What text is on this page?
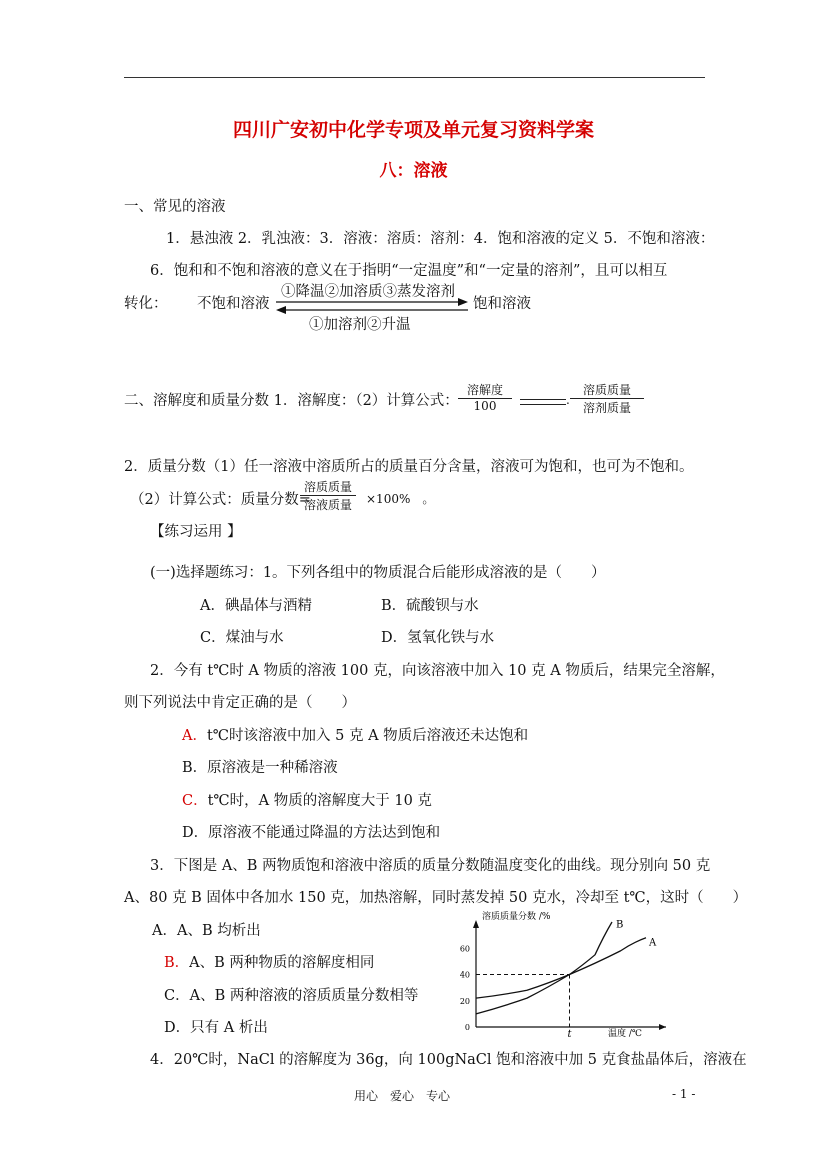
四川广安初中化学专项及单元复习资料学案
八：溶液
一、常见的溶液
1．悬浊液 2．乳浊液：3．溶液：溶质：溶剂：4．饱和溶液的定义 5．不饱和溶液：
6．饱和和不饱和溶液的意义在于指明“一定温度”和“一定量的溶剂”，且可以相互
转化： 不饱和溶液	饱和溶液
①降温②加溶质③蒸发溶剂
①加溶剂②升温
二、溶解度和质量分数 1．溶解度：（2）计算公式：
溶解度
100	.
溶质质量
溶剂质量
2．质量分数（1）任一溶液中溶质所占的质量百分含量，溶液可为饱和，也可为不饱和。
（2）计算公式：质量分数=
溶质质量
溶液质量	×100%　。
【练习运用 】
(一)选择题练习：1。下列各组中的物质混合后能形成溶液的是（　　）
A．碘晶体与酒精	B．硫酸钡与水
C．煤油与水	D．氢氧化铁与水
2．今有 t℃时 A 物质的溶液 100 克，向该溶液中加入 10 克 A 物质后，结果完全溶解，
则下列说法中肯定正确的是（　　）
A．t℃时该溶液中加入 5 克 A 物质后溶液还未达饱和
B．原溶液是一种稀溶液
C．t℃时，A 物质的溶解度大于 10 克
D．原溶液不能通过降温的方法达到饱和
3．下图是 A、B 两物质饱和溶液中溶质的质量分数随温度变化的曲线。现分别向 50 克
A、80 克 B 固体中各加水 150 克，加热溶解，同时蒸发掉 50 克水，冷却至 t℃，这时（　　）
A．A、B 均析出
B．A、B 两种物质的溶解度相同
C．A、B 两种溶液的溶质质量分数相等
D．只有 A 析出
溶质质量分数 /%
0
20
40
60
A
B
t	温度 /℃
4．20℃时，NaCl 的溶解度为 36g，向 100gNaCl 饱和溶液中加 5 克食盐晶体后，溶液在
用心　爱心　专心	- 1 -
